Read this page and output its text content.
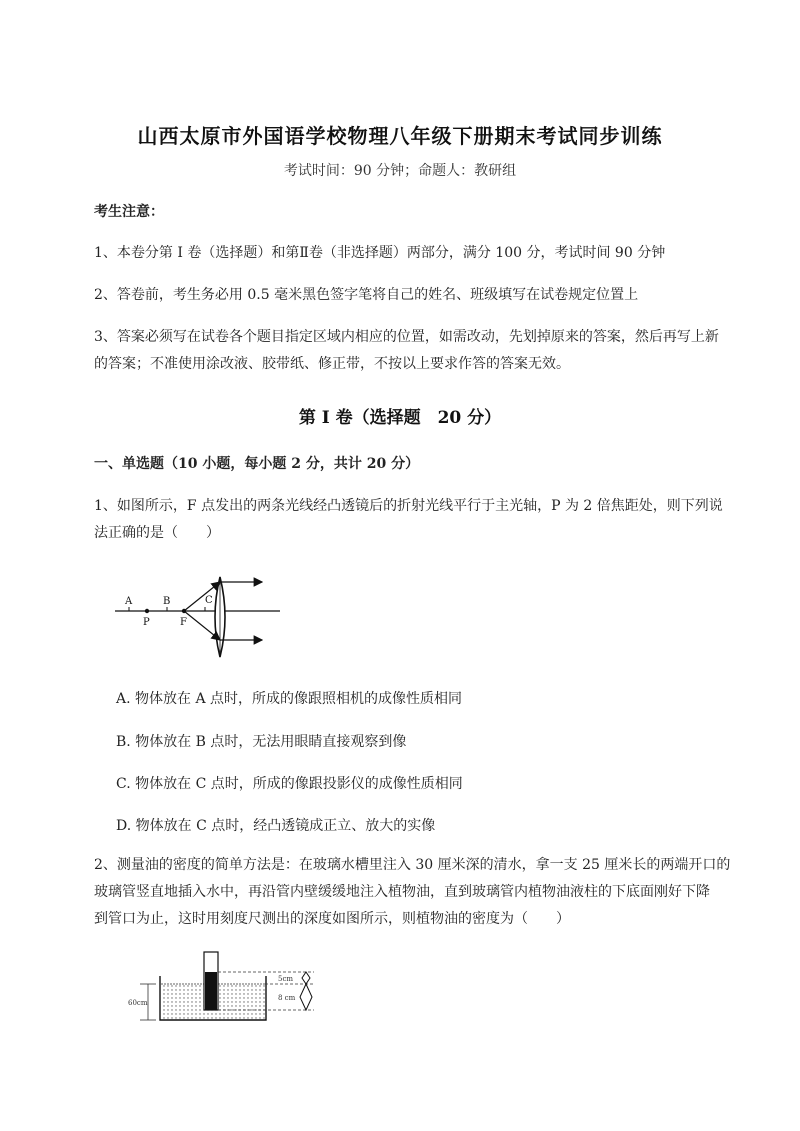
山西太原市外国语学校物理八年级下册期末考试同步训练
考试时间：90 分钟；命题人：教研组
考生注意：
1、本卷分第 I 卷（选择题）和第Ⅱ卷（非选择题）两部分，满分 100 分，考试时间 90 分钟
2、答卷前，考生务必用 0.5 毫米黑色签字笔将自己的姓名、班级填写在试卷规定位置上
3、答案必须写在试卷各个题目指定区域内相应的位置，如需改动，先划掉原来的答案，然后再写上新
的答案；不准使用涂改液、胶带纸、修正带，不按以上要求作答的答案无效。
第 I 卷（选择题　20 分）
一、单选题（10 小题，每小题 2 分，共计 20 分）
1、如图所示，F 点发出的两条光线经凸透镜后的折射光线平行于主光轴，P 为 2 倍焦距处，则下列说
法正确的是（　　）
A
P
B
F
C
A. 物体放在 A 点时，所成的像跟照相机的成像性质相同
B. 物体放在 B 点时，无法用眼睛直接观察到像
C. 物体放在 C 点时，所成的像跟投影仪的成像性质相同
D. 物体放在 C 点时，经凸透镜成正立、放大的实像
2、测量油的密度的简单方法是：在玻璃水槽里注入 30 厘米深的清水，拿一支 25 厘米长的两端开口的
玻璃管竖直地插入水中，再沿管内壁缓缓地注入植物油，直到玻璃管内植物油液柱的下底面刚好下降
到管口为止，这时用刻度尺测出的深度如图所示，则植物油的密度为（　　）
60cm
5cm
8 cm
